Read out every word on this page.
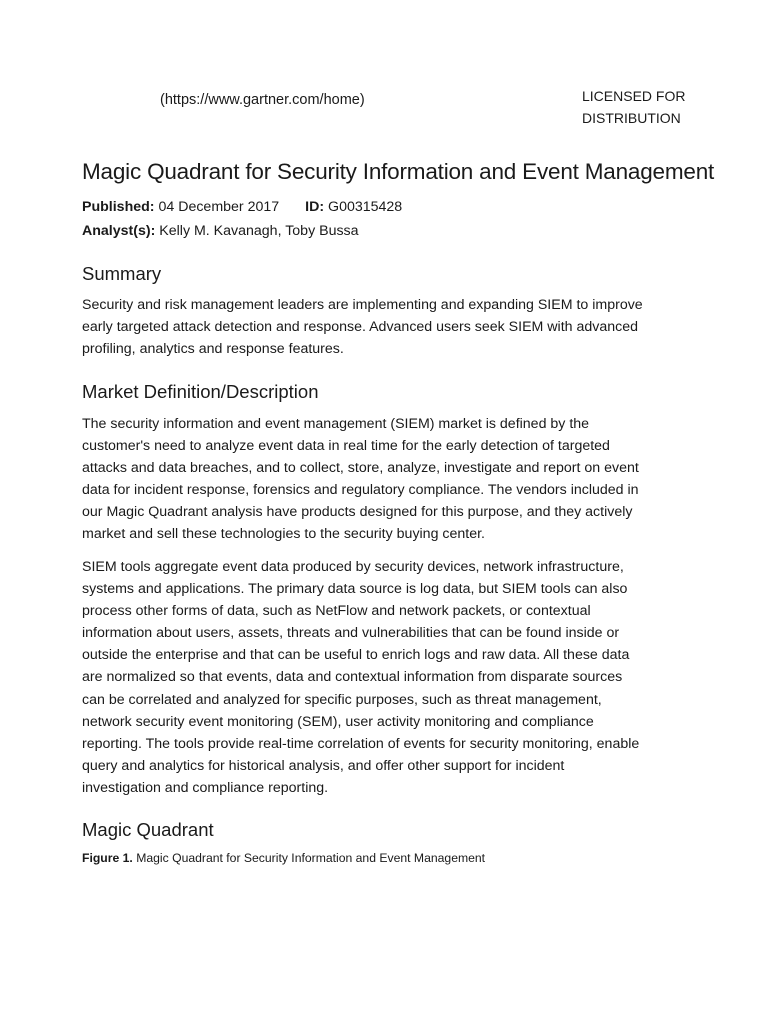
(https://www.gartner.com/home)	LICENSED FOR
DISTRIBUTION
Magic Quadrant for Security Information and Event Management
Published: 04 December 2017 ID: G00315428
Analyst(s): Kelly M. Kavanagh, Toby Bussa
Summary
Security and risk management leaders are implementing and expanding SIEM to improve
early targeted attack detection and response. Advanced users seek SIEM with advanced
profiling, analytics and response features.
Market Definition/Description
The security information and event management (SIEM) market is defined by the
customer's need to analyze event data in real time for the early detection of targeted
attacks and data breaches, and to collect, store, analyze, investigate and report on event
data for incident response, forensics and regulatory compliance. The vendors included in
our Magic Quadrant analysis have products designed for this purpose, and they actively
market and sell these technologies to the security buying center.
SIEM tools aggregate event data produced by security devices, network infrastructure,
systems and applications. The primary data source is log data, but SIEM tools can also
process other forms of data, such as NetFlow and network packets, or contextual
information about users, assets, threats and vulnerabilities that can be found inside or
outside the enterprise and that can be useful to enrich logs and raw data. All these data
are normalized so that events, data and contextual information from disparate sources
can be correlated and analyzed for specific purposes, such as threat management,
network security event monitoring (SEM), user activity monitoring and compliance
reporting. The tools provide real-time correlation of events for security monitoring, enable
query and analytics for historical analysis, and offer other support for incident
investigation and compliance reporting.
Magic Quadrant
Figure 1. Magic Quadrant for Security Information and Event Management
